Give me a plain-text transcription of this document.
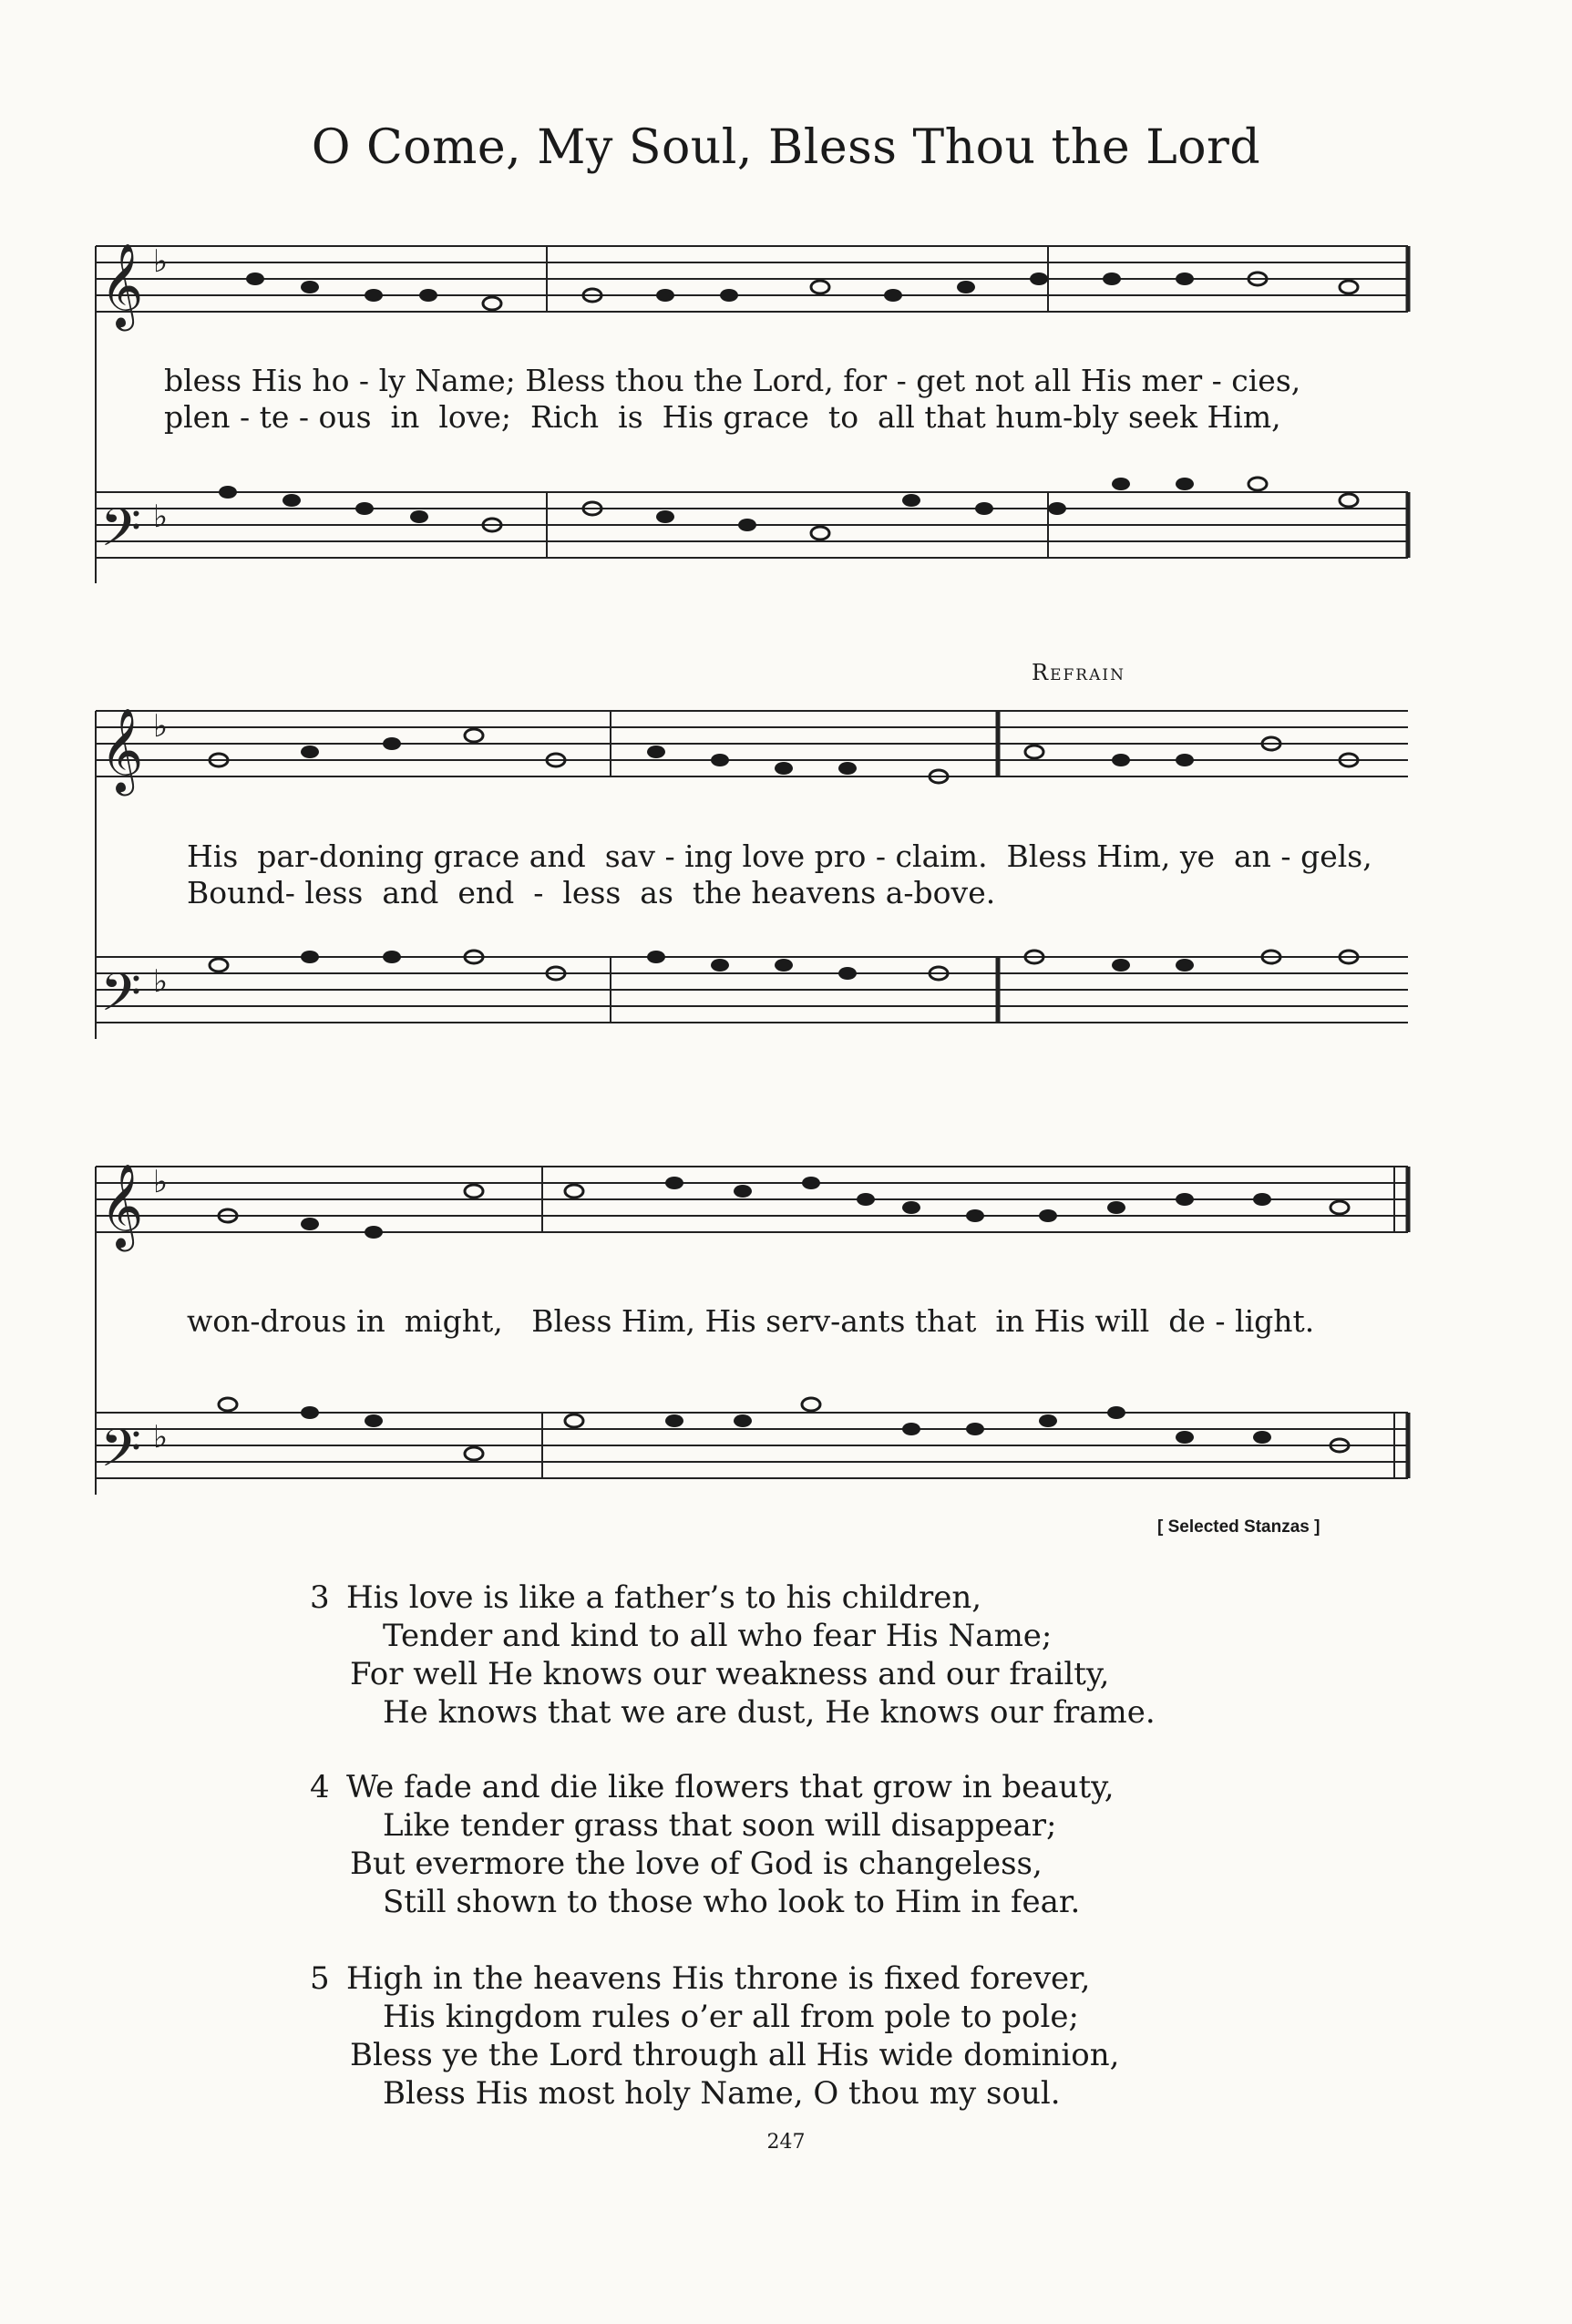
O Come, My Soul, Bless Thou the Lord
𝄞
𝄢
♭
♭
bless His ho - ly Name; Bless thou the Lord, for - get not all His mer - cies,
plen - te - ous  in  love;  Rich  is  His grace  to  all that hum-bly seek Him,
Refrain
𝄞
𝄢
♭
♭
His  par-doning grace and  sav - ing love pro - claim.  Bless Him, ye  an - gels,
Bound- less  and  end  -  less  as  the heavens a-bove.
𝄞
𝄢
♭
♭
won-drous in  might,   Bless Him, His serv-ants that  in His will  de - light.
[ Selected Stanzas ]
3 His love is like a father’s to his children,
Tender and kind to all who fear His Name;
For well He knows our weakness and our frailty,
He knows that we are dust, He knows our frame.
4 We fade and die like flowers that grow in beauty,
Like tender grass that soon will disappear;
But evermore the love of God is changeless,
Still shown to those who look to Him in fear.
5 High in the heavens His throne is fixed forever,
His kingdom rules o’er all from pole to pole;
Bless ye the Lord through all His wide dominion,
Bless His most holy Name, O thou my soul.
247
